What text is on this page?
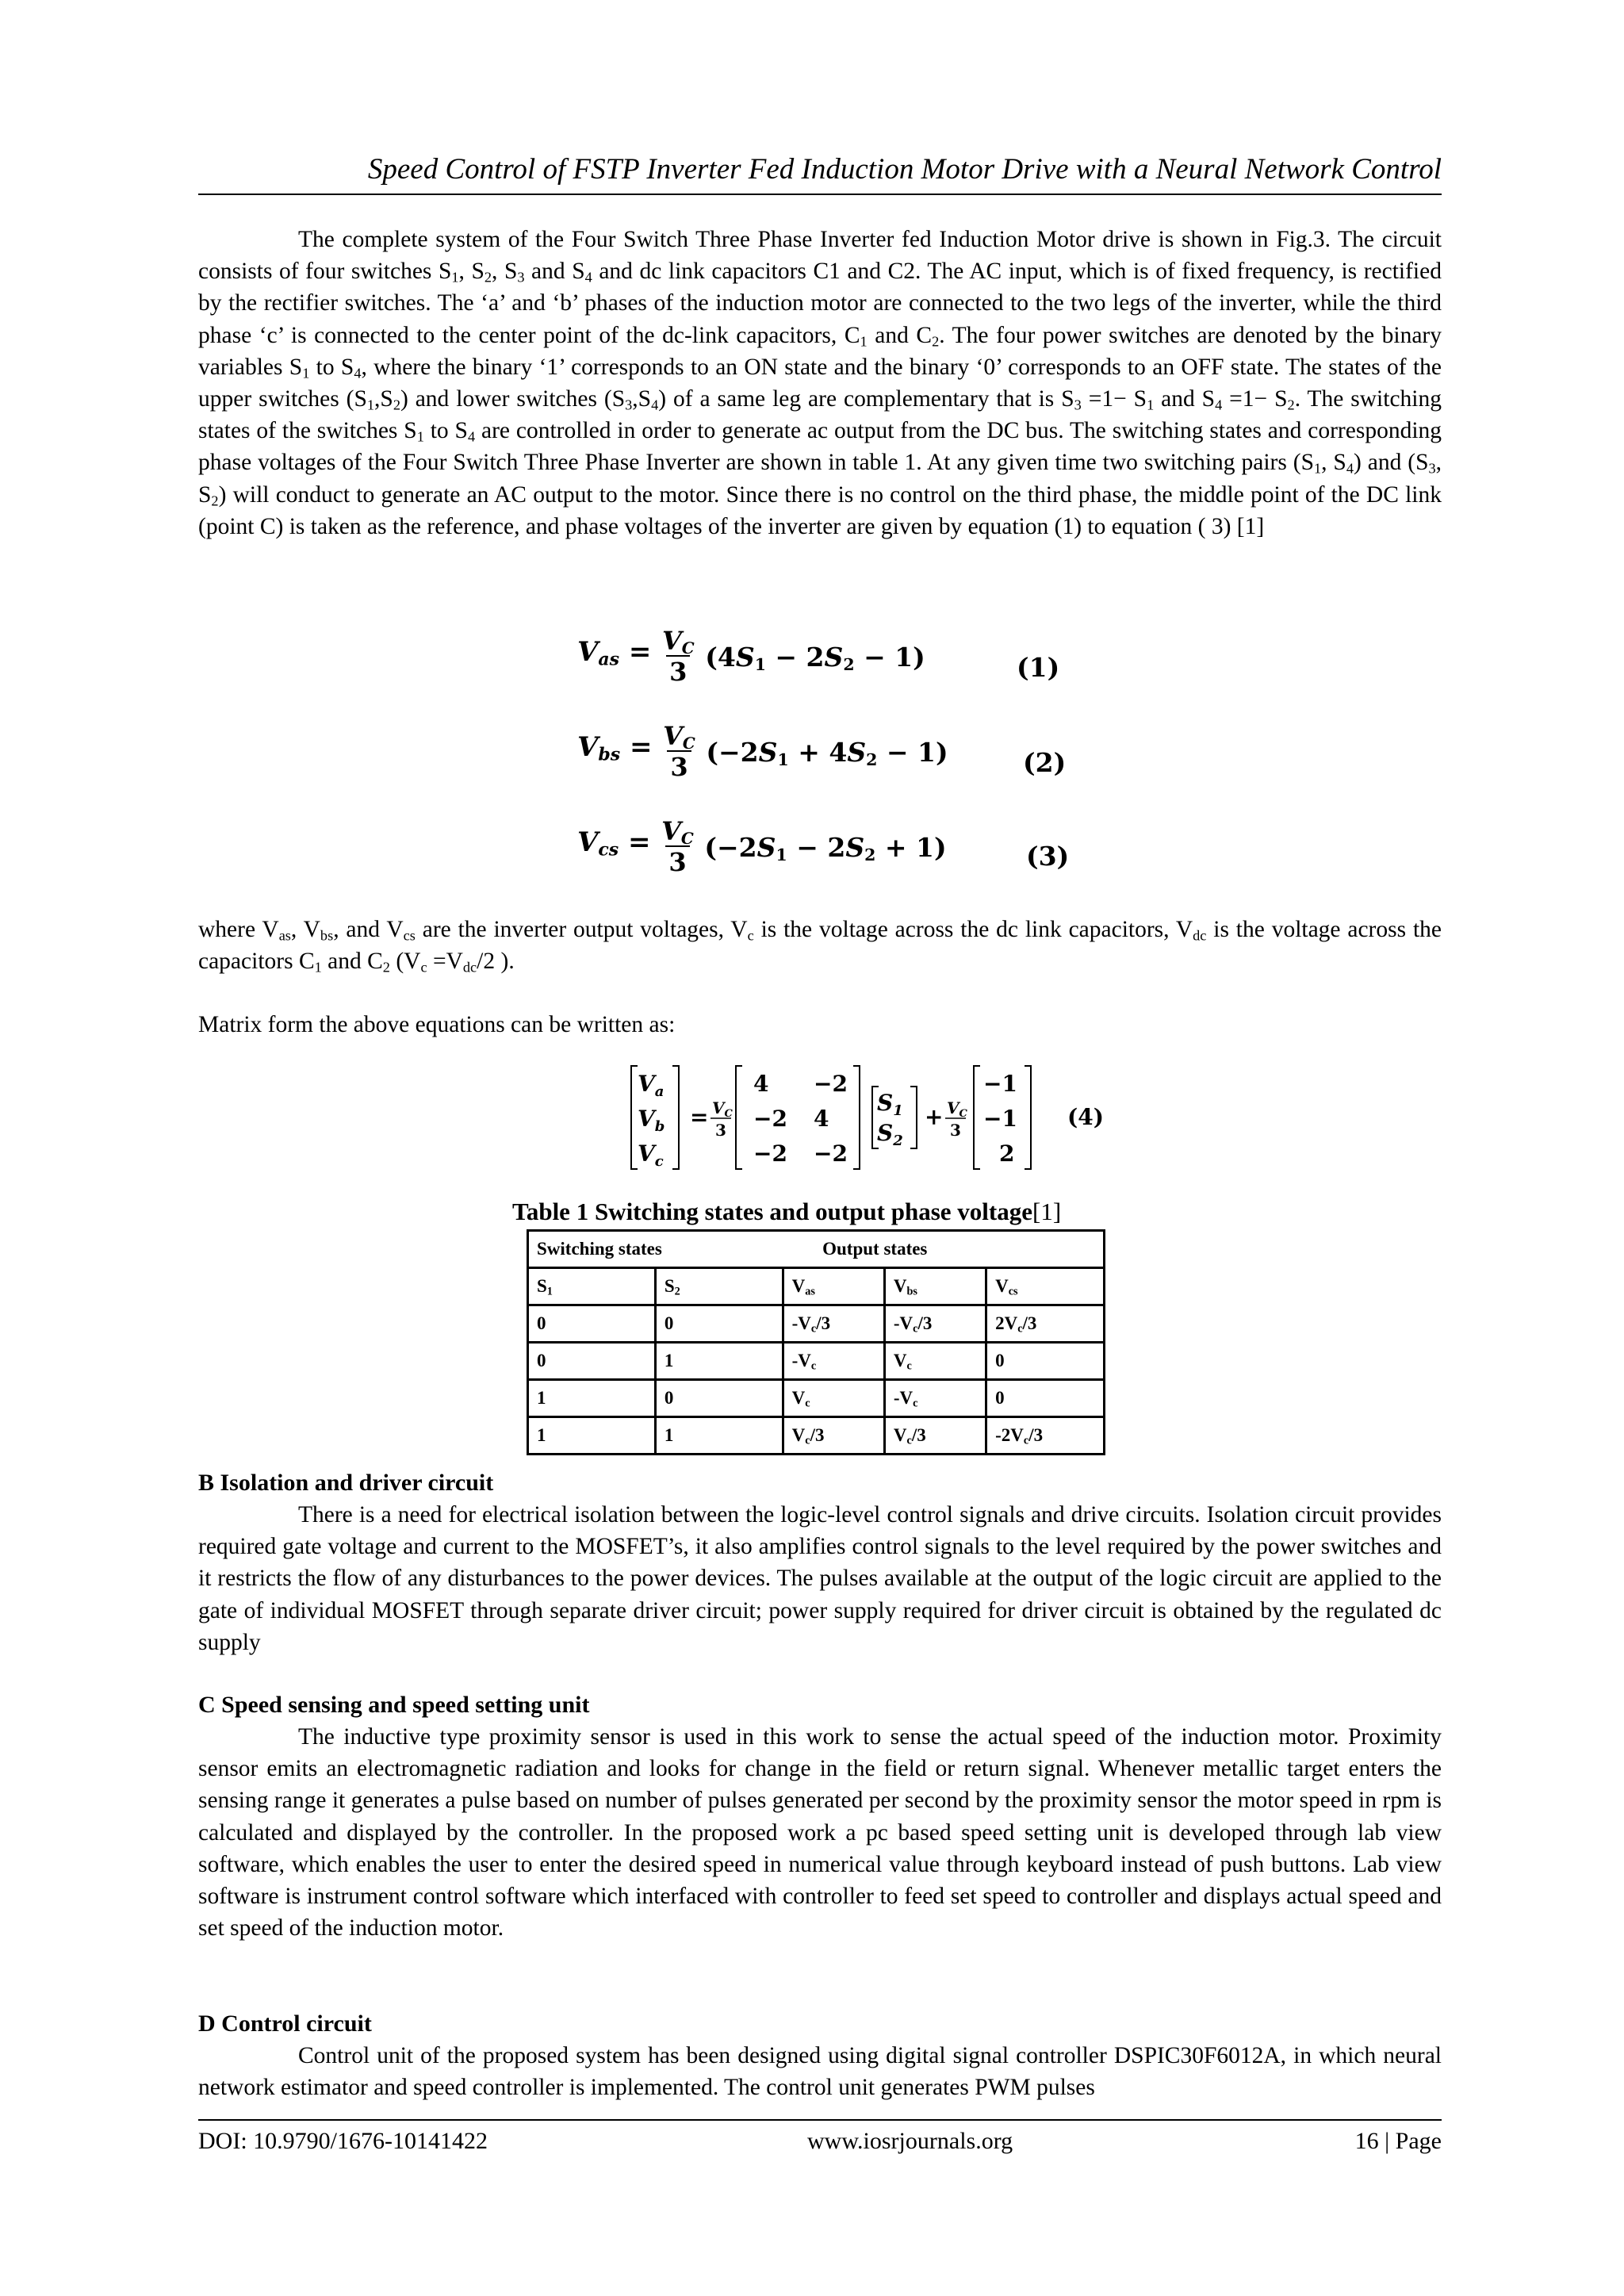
Speed Control of FSTP Inverter Fed Induction Motor Drive with a Neural Network Control

The complete system of the Four Switch Three Phase Inverter fed Induction Motor drive is shown in Fig.3. The circuit consists of four switches $S_1$, $S_2$, $S_3$ and $S_4$ and dc link capacitors C1 and C2. The AC input, which is of fixed frequency, is rectified by the rectifier switches. The ‘a’ and ‘b’ phases of the induction motor are connected to the two legs of the inverter, while the third phase ‘c’ is connected to the center point of the dc-link capacitors, $C_1$ and $C_2$. The four power switches are denoted by the binary variables $S_1$ to $S_4$, where the binary ‘1’ corresponds to an ON state and the binary ‘0’ corresponds to an OFF state. The states of the upper switches $(S_1,S_2)$ and lower switches $(S_3,S_4)$ of a same leg are complementary that is $S_3 =1- S_1$ and $S_4 =1- S_2$. The switching states of the switches $S_1$ to $S_4$ are controlled in order to generate ac output from the DC bus. The switching states and corresponding phase voltages of the Four Switch Three Phase Inverter are shown in table 1. At any given time two switching pairs ($S_1$, $S_4$) and ($S_3$, $S_2$) will conduct to generate an AC output to the motor. Since there is no control on the third phase, the middle point of the DC link (point C) is taken as the reference, and phase voltages of the inverter are given by equation (1) to equation ( 3) [1]

$V_{as} = \frac{V_C}{3} (4S_1 - 2S_2 - 1)$	(1)
$V_{bs} = \frac{V_C}{3} (-2S_1 + 4S_2 - 1)$	(2)
$V_{cs} = \frac{V_C}{3} (-2S_1 - 2S_2 + 1)$	(3)

where $V_{as}$, $V_{bs}$, and $V_{cs}$ are the inverter output voltages, $V_c$ is the voltage across the dc link capacitors, $V_{dc}$ is the voltage across the capacitors $C_1$ and $C_2$ ($V_c =V_{dc}/2$ ).

Matrix form the above equations can be written as:

$V_a$
$V_b$
$V_c$
= $V_C$
3
4 −2
−2 4
−2 −2
$S_1$
$S_2$
+ $V_C$
3
−1
−1
2
(4)
Table 1 Switching states and output phase voltage[1]
Switching states		Output states		
$S_1$	$S_2$	$V_{as}$	$V_{bs}$	$V_{cs}$
0	0	$-V_c/3$	$-V_c/3$	$2V_c/3$
0	1	$-V_c$	$V_c$	0
1	0	$V_c$	$-V_c$	0
1	1	$V_c/3$	$V_c/3$	$-2V_c/3$
B Isolation and driver circuit

There is a need for electrical isolation between the logic-level control signals and drive circuits. Isolation circuit provides required gate voltage and current to the MOSFET’s, it also amplifies control signals to the level required by the power switches and it restricts the flow of any disturbances to the power devices. The pulses available at the output of the logic circuit are applied to the gate of individual MOSFET through separate driver circuit; power supply required for driver circuit is obtained by the regulated dc supply

C Speed sensing and speed setting unit

The inductive type proximity sensor is used in this work to sense the actual speed of the induction motor. Proximity sensor emits an electromagnetic radiation and looks for change in the field or return signal. Whenever metallic target enters the sensing range it generates a pulse based on number of pulses generated per second by the proximity sensor the motor speed in rpm is calculated and displayed by the controller. In the proposed work a pc based speed setting unit is developed through lab view software, which enables the user to enter the desired speed in numerical value through keyboard instead of push buttons. Lab view software is instrument control software which interfaced with controller to feed set speed to controller and displays actual speed and set speed of the induction motor.

D Control circuit

Control unit of the proposed system has been designed using digital signal controller DSPIC30F6012A, in which neural network estimator and speed controller is implemented. The control unit generates PWM pulses

DOI: 10.9790/1676-10141422	www.iosrjournals.org	16 | Page
